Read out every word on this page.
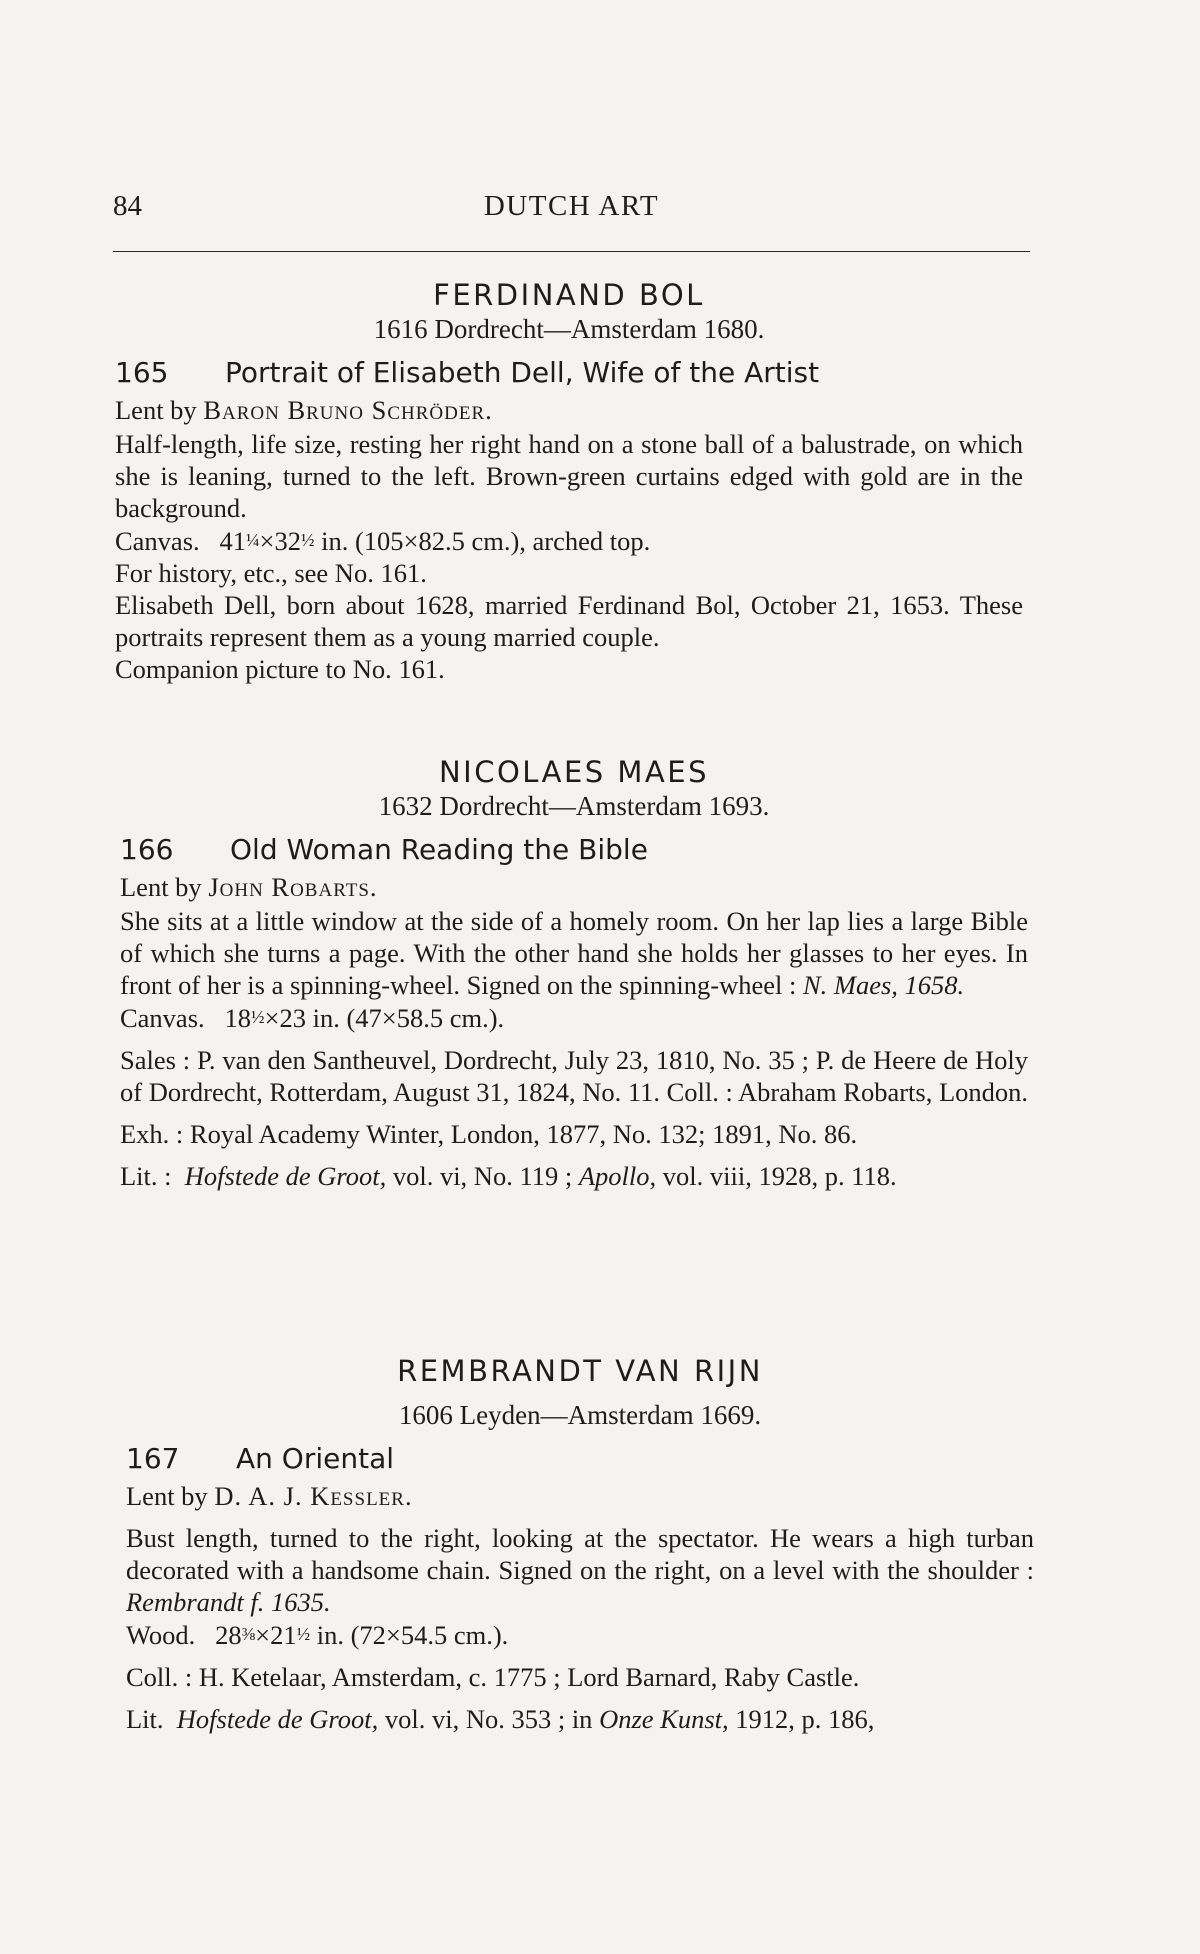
84	DUTCH ART
FERDINAND BOL
1616 Dordrecht—Amsterdam 1680.
165 Portrait of Elisabeth Dell, Wife of the Artist
Lent by Baron Bruno Schröder.
Half-length, life size, resting her right hand on a stone ball of a balustrade, on which she is leaning, turned to the left. Brown-green curtains edged with gold are in the background.
Canvas. 41¼×32½ in. (105×82.5 cm.), arched top.
For history, etc., see No. 161.
Elisabeth Dell, born about 1628, married Ferdinand Bol, October 21, 1653. These portraits represent them as a young married couple.
Companion picture to No. 161.
NICOLAES MAES
1632 Dordrecht—Amsterdam 1693.
166 Old Woman Reading the Bible
Lent by John Robarts.
She sits at a little window at the side of a homely room. On her lap lies a large Bible of which she turns a page. With the other hand she holds her glasses to her eyes. In front of her is a spinning-wheel. Signed on the spinning-wheel : N. Maes, 1658.
Canvas. 18½×23 in. (47×58.5 cm.).
Sales : P. van den Santheuvel, Dordrecht, July 23, 1810, No. 35 ; P. de Heere de Holy of Dordrecht, Rotterdam, August 31, 1824, No. 11. Coll. : Abraham Robarts, London.
Exh. : Royal Academy Winter, London, 1877, No. 132; 1891, No. 86.
Lit. : Hofstede de Groot, vol. vi, No. 119 ; Apollo, vol. viii, 1928, p. 118.
REMBRANDT VAN RIJN
1606 Leyden—Amsterdam 1669.
167 An Oriental
Lent by D. A. J. Kessler.
Bust length, turned to the right, looking at the spectator. He wears a high turban decorated with a handsome chain. Signed on the right, on a level with the shoulder : Rembrandt f. 1635.
Wood. 28⅜×21½ in. (72×54.5 cm.).
Coll. : H. Ketelaar, Amsterdam, c. 1775 ; Lord Barnard, Raby Castle.
Lit. Hofstede de Groot, vol. vi, No. 353 ; in Onze Kunst, 1912, p. 186,
